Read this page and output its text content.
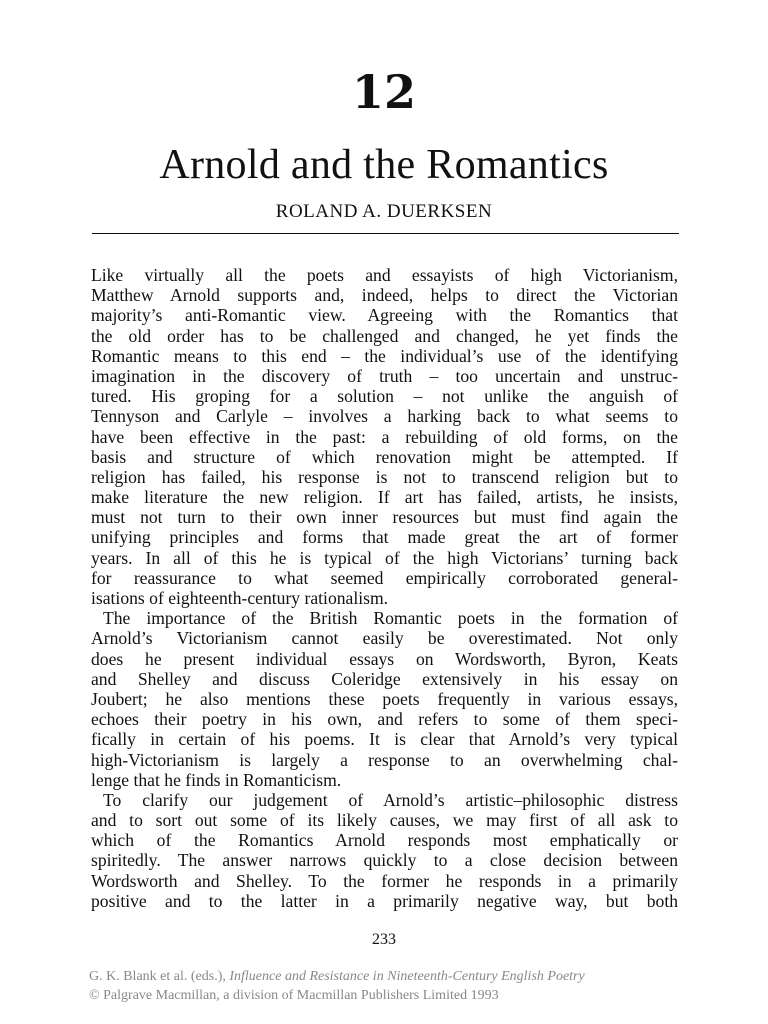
12
Arnold and the Romantics
ROLAND A. DUERKSEN
Like virtually all the poets and essayists of high Victorianism,
Matthew Arnold supports and, indeed, helps to direct the Victorian
majority’s anti-Romantic view. Agreeing with the Romantics that
the old order has to be challenged and changed, he yet finds the
Romantic means to this end – the individual’s use of the identifying
imagination in the discovery of truth – too uncertain and unstruc-
tured. His groping for a solution – not unlike the anguish of
Tennyson and Carlyle – involves a harking back to what seems to
have been effective in the past: a rebuilding of old forms, on the
basis and structure of which renovation might be attempted. If
religion has failed, his response is not to transcend religion but to
make literature the new religion. If art has failed, artists, he insists,
must not turn to their own inner resources but must find again the
unifying principles and forms that made great the art of former
years. In all of this he is typical of the high Victorians’ turning back
for reassurance to what seemed empirically corroborated general-
isations of eighteenth-century rationalism.
The importance of the British Romantic poets in the formation of
Arnold’s Victorianism cannot easily be overestimated. Not only
does he present individual essays on Wordsworth, Byron, Keats
and Shelley and discuss Coleridge extensively in his essay on
Joubert; he also mentions these poets frequently in various essays,
echoes their poetry in his own, and refers to some of them speci-
fically in certain of his poems. It is clear that Arnold’s very typical
high-Victorianism is largely a response to an overwhelming chal-
lenge that he finds in Romanticism.
To clarify our judgement of Arnold’s artistic–philosophic distress
and to sort out some of its likely causes, we may first of all ask to
which of the Romantics Arnold responds most emphatically or
spiritedly. The answer narrows quickly to a close decision between
Wordsworth and Shelley. To the former he responds in a primarily
positive and to the latter in a primarily negative way, but both
233
G. K. Blank et al. (eds.), Influence and Resistance in Nineteenth-Century English Poetry
© Palgrave Macmillan, a division of Macmillan Publishers Limited 1993
